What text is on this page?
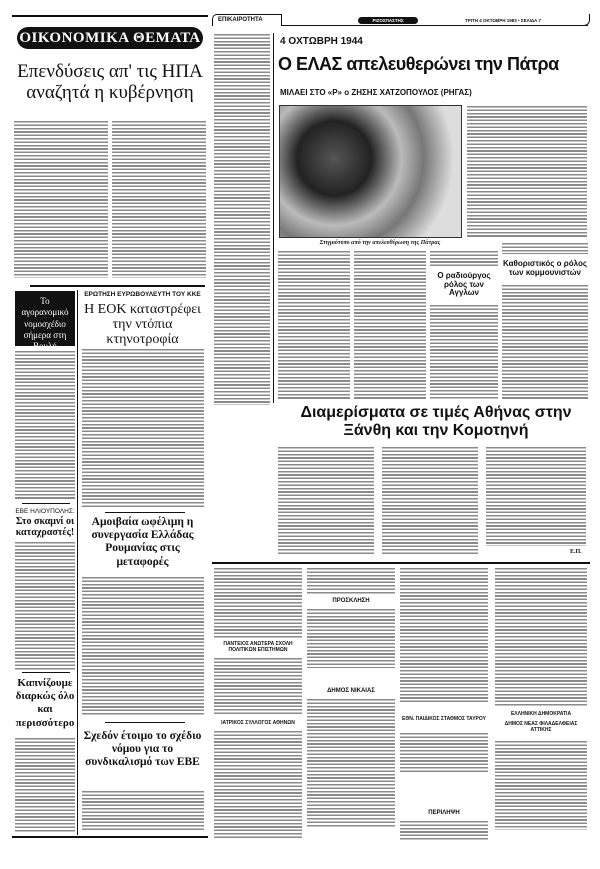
ΟΙΚΟΝΟΜΙΚΑ ΘΕΜΑΤΑ
Επενδύσεις απ' τις ΗΠΑ αναζητά η κυβέρνηση
Το αγορανομικό νομοσχέδιο σήμερα στη Βουλή
ΕΒΕ ΗΛΙΟΥΠΟΛΗΣ:
Στο σκαμνί οι καταχραστές!
Καπνίζουμε διαρκώς όλο και περισσότερο
ΕΡΩΤΗΣΗ ΕΥΡΩΒΟΥΛΕΥΤΗ ΤΟΥ ΚΚΕ
Η ΕΟΚ καταστρέφει την ντόπια κτηνοτροφία
Αμοιβαία ωφέλιμη η συνεργασία Ελλάδας Ρουμανίας στις μεταφορές
Σχεδόν έτοιμο το σχέδιο νόμου για το συνδικαλισμό των ΕΒΕ
ΕΠΙΚΑΙΡΟΤΗΤΑ	ΡΙΖΟΣΠΑΣΤΗΣ	ΤΡΙΤΗ 4 ΟΚΤΩΒΡΗ 1983 • ΣΕΛΙΔΑ 7
4 ΟΧΤΩΒΡΗ 1944
Ο ΕΛΑΣ απελευθερώνει την Πάτρα
ΜΙΛΑΕΙ ΣΤΟ «Ρ» ο ΖΗΣΗΣ ΧΑΤΖΟΠΟΥΛΟΣ (ΡΗΓΑΣ)
Στιγμιότυπο από την απελευθέρωση της Πάτρας
Ο ραδιούργος ρόλος των Αγγλων
Καθοριστικός ο ρόλος των κομμουνιστών
Διαμερίσματα σε τιμές Αθήνας στην Ξάνθη και την Κομοτηνή
Ε.Π.
ΠΑΝΤΕΙΟΣ ΑΝΩΤΕΡΑ ΣΧΟΛΗ ΠΟΛΙΤΙΚΩΝ ΕΠΙΣΤΗΜΩΝ
ΙΑΤΡΙΚΟΣ ΣΥΛΛΟΓΟΣ ΑΘΗΝΩΝ
ΠΡΟΣΚΛΗΣΗ
ΔΗΜΟΣ ΝΙΚΑΙΑΣ
ΕΘΝ. ΠΑΙΔΙΚΟΣ ΣΤΑΘΜΟΣ ΤΑΥΡΟΥ
ΠΕΡΙΛΗΨΗ
ΕΛΛΗΝΙΚΗ ΔΗΜΟΚΡΑΤΙΑ
ΔΗΜΟΣ ΝΕΑΣ ΦΙΛΑΔΕΛΦΕΙΑΣ ΑΤΤΙΚΗΣ
